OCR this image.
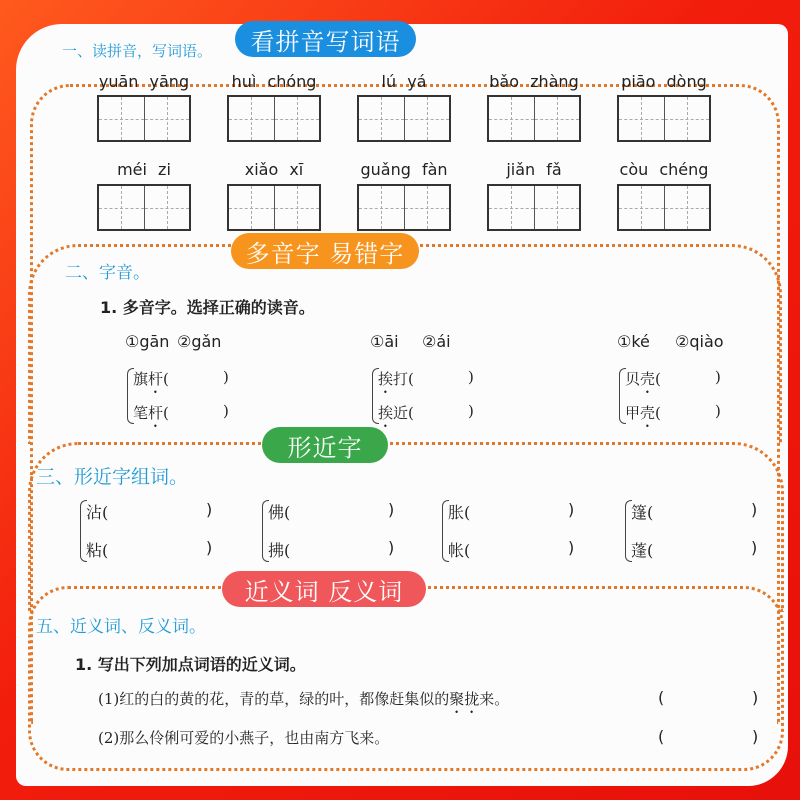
看拼音写词语
一、读拼音，写词语。
多音字 易错字
二、字音。
1. 多音字。选择正确的读音。
形近字
三、形近字组词。
近义词 反义词
五、近义词、反义词。
1. 写出下列加点词语的近义词。
yuān yāng	huì chóng	lú yá	bǎo zhàng	piāo dòng
méi zi	xiǎo xī	guǎng fàn	jiǎn fǎ	còu chéng
①gān ②gǎn
旗杆(	)
笔杆(	)
①āi ②ái
挨打(	)
挨近(	)
①ké ②qiào
贝壳(	)
甲壳(	)
沾(	)
粘(	)
佛(	)
拂(	)
胀(	)
帐(	)
篷(	)
蓬(	)
(1)红的白的黄的花，青的草，绿的叶，都像赶集似的聚拢来。	(	)
(2)那么伶俐可爱的小燕子，也由南方飞来。	(	)
